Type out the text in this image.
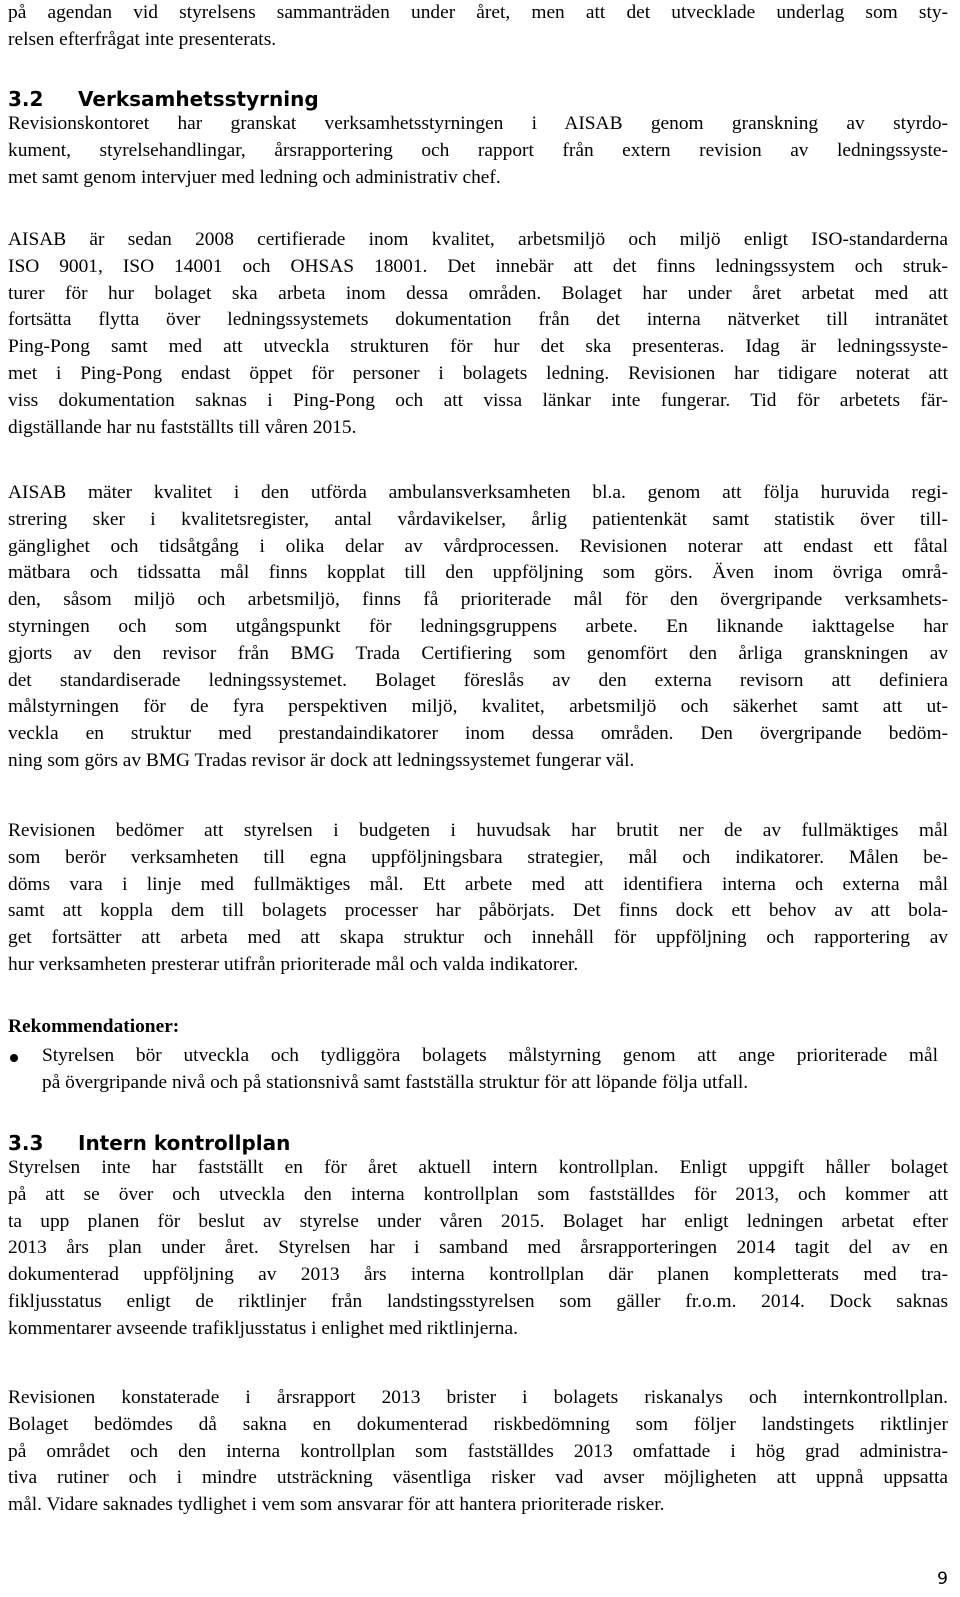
på agendan vid styrelsens sammanträden under året, men att det utvecklade underlag som sty-
relsen efterfrågat inte presenterats.
3.2 Verksamhetsstyrning
Revisionskontoret har granskat verksamhetsstyrningen i AISAB genom granskning av styrdo-
kument, styrelsehandlingar, årsrapportering och rapport från extern revision av ledningssyste-
met samt genom intervjuer med ledning och administrativ chef.
AISAB är sedan 2008 certifierade inom kvalitet, arbetsmiljö och miljö enligt ISO-standarderna
ISO 9001, ISO 14001 och OHSAS 18001. Det innebär att det finns ledningssystem och struk-
turer för hur bolaget ska arbeta inom dessa områden. Bolaget har under året arbetat med att
fortsätta flytta över ledningssystemets dokumentation från det interna nätverket till intranätet
Ping-Pong samt med att utveckla strukturen för hur det ska presenteras. Idag är ledningssyste-
met i Ping-Pong endast öppet för personer i bolagets ledning. Revisionen har tidigare noterat att
viss dokumentation saknas i Ping-Pong och att vissa länkar inte fungerar. Tid för arbetets fär-
digställande har nu fastställts till våren 2015.
AISAB mäter kvalitet i den utförda ambulansverksamheten bl.a. genom att följa huruvida regi-
strering sker i kvalitetsregister, antal vårdavikelser, årlig patientenkät samt statistik över till-
gänglighet och tidsåtgång i olika delar av vårdprocessen. Revisionen noterar att endast ett fåtal
mätbara och tidssatta mål finns kopplat till den uppföljning som görs. Även inom övriga områ-
den, såsom miljö och arbetsmiljö, finns få prioriterade mål för den övergripande verksamhets-
styrningen och som utgångspunkt för ledningsgruppens arbete. En liknande iakttagelse har
gjorts av den revisor från BMG Trada Certifiering som genomfört den årliga granskningen av
det standardiserade ledningssystemet. Bolaget föreslås av den externa revisorn att definiera
målstyrningen för de fyra perspektiven miljö, kvalitet, arbetsmiljö och säkerhet samt att ut-
veckla en struktur med prestandaindikatorer inom dessa områden. Den övergripande bedöm-
ning som görs av BMG Tradas revisor är dock att ledningssystemet fungerar väl.
Revisionen bedömer att styrelsen i budgeten i huvudsak har brutit ner de av fullmäktiges mål
som berör verksamheten till egna uppföljningsbara strategier, mål och indikatorer. Målen be-
döms vara i linje med fullmäktiges mål. Ett arbete med att identifiera interna och externa mål
samt att koppla dem till bolagets processer har påbörjats. Det finns dock ett behov av att bola-
get fortsätter att arbeta med att skapa struktur och innehåll för uppföljning och rapportering av
hur verksamheten presterar utifrån prioriterade mål och valda indikatorer.
Rekommendationer:
Styrelsen bör utveckla och tydliggöra bolagets målstyrning genom att ange prioriterade mål
på övergripande nivå och på stationsnivå samt fastställa struktur för att löpande följa utfall.
3.3 Intern kontrollplan
Styrelsen inte har fastställt en för året aktuell intern kontrollplan. Enligt uppgift håller bolaget
på att se över och utveckla den interna kontrollplan som fastställdes för 2013, och kommer att
ta upp planen för beslut av styrelse under våren 2015. Bolaget har enligt ledningen arbetat efter
2013 års plan under året. Styrelsen har i samband med årsrapporteringen 2014 tagit del av en
dokumenterad uppföljning av 2013 års interna kontrollplan där planen kompletterats med tra-
fikljusstatus enligt de riktlinjer från landstingsstyrelsen som gäller fr.o.m. 2014. Dock saknas
kommentarer avseende trafikljusstatus i enlighet med riktlinjerna.
Revisionen konstaterade i årsrapport 2013 brister i bolagets riskanalys och internkontrollplan.
Bolaget bedömdes då sakna en dokumenterad riskbedömning som följer landstingets riktlinjer
på området och den interna kontrollplan som fastställdes 2013 omfattade i hög grad administra-
tiva rutiner och i mindre utsträckning väsentliga risker vad avser möjligheten att uppnå uppsatta
mål. Vidare saknades tydlighet i vem som ansvarar för att hantera prioriterade risker.
9
